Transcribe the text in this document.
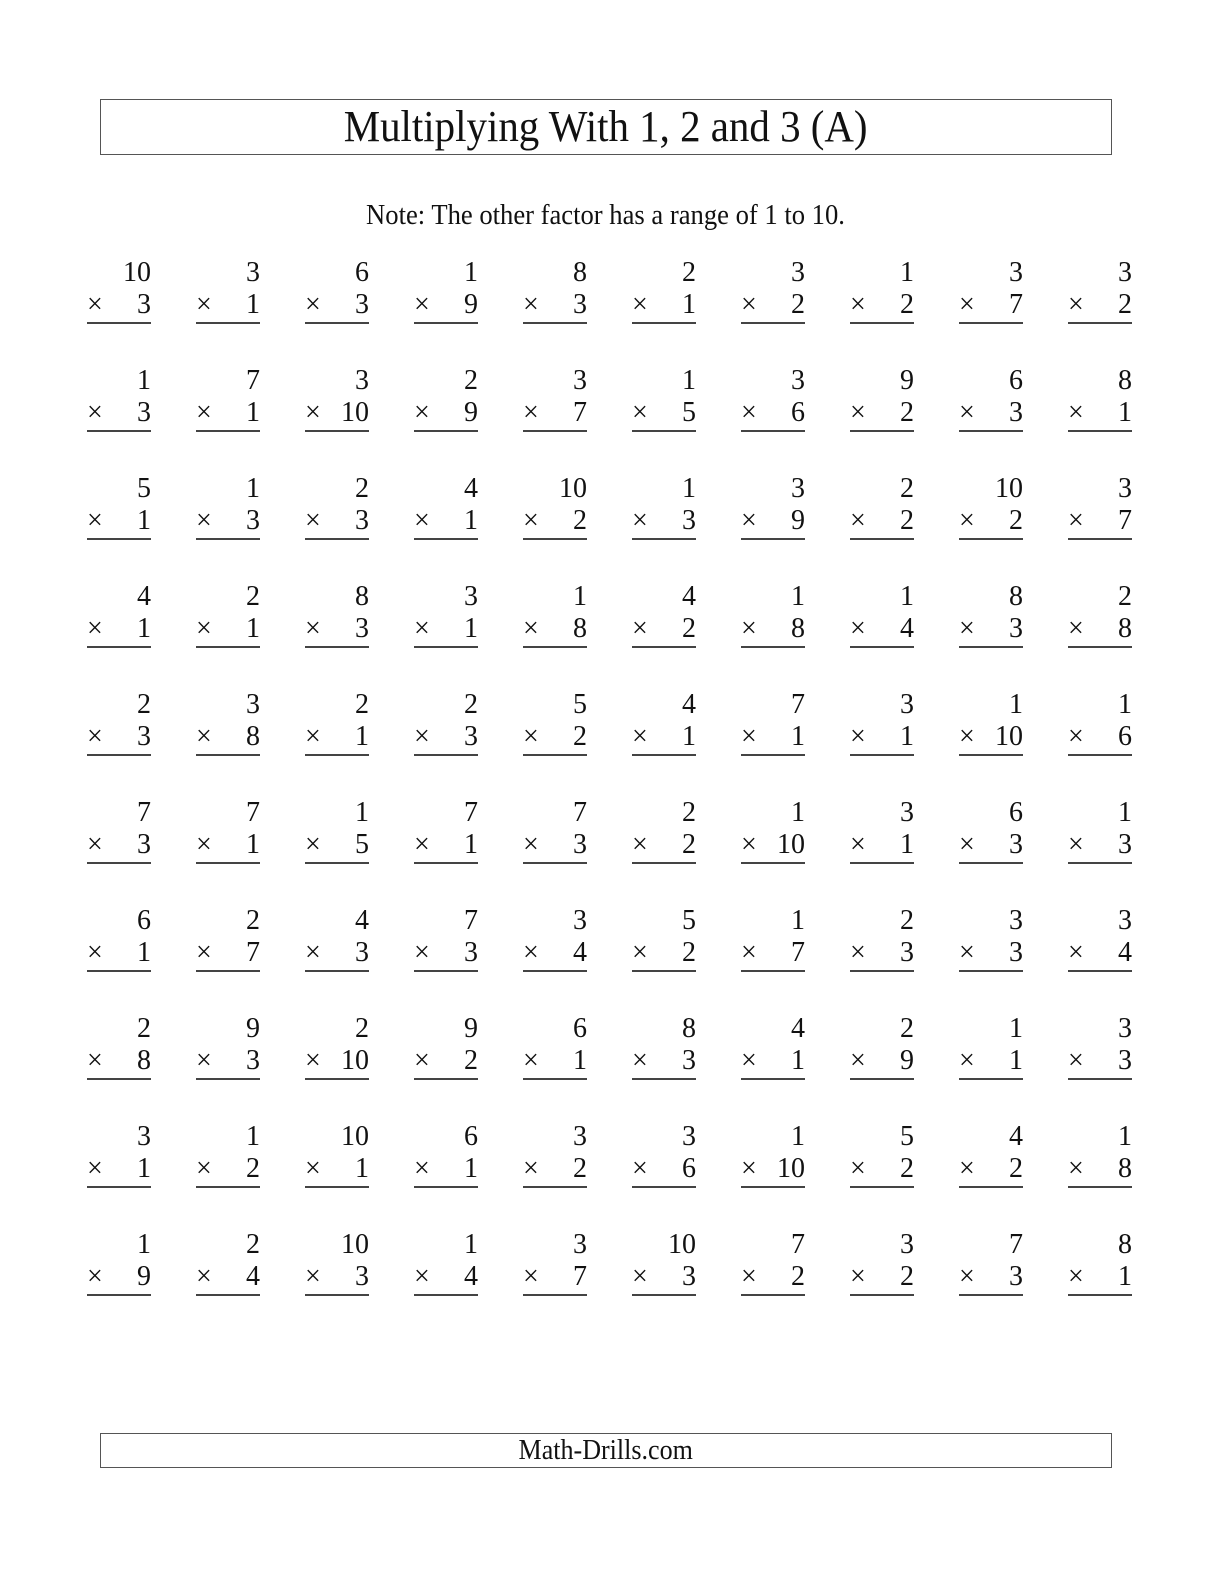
Multiplying With 1, 2 and 3 (A)
Note: The other factor has a range of 1 to 10.
10
× 3
3
× 1
6
× 3
1
× 9
8
× 3
2
× 1
3
× 2
1
× 2
3
× 7
3
× 2
1
× 3
7
× 1
3
× 10
2
× 9
3
× 7
1
× 5
3
× 6
9
× 2
6
× 3
8
× 1
5
× 1
1
× 3
2
× 3
4
× 1
10
× 2
1
× 3
3
× 9
2
× 2
10
× 2
3
× 7
4
× 1
2
× 1
8
× 3
3
× 1
1
× 8
4
× 2
1
× 8
1
× 4
8
× 3
2
× 8
2
× 3
3
× 8
2
× 1
2
× 3
5
× 2
4
× 1
7
× 1
3
× 1
1
× 10
1
× 6
7
× 3
7
× 1
1
× 5
7
× 1
7
× 3
2
× 2
1
× 10
3
× 1
6
× 3
1
× 3
6
× 1
2
× 7
4
× 3
7
× 3
3
× 4
5
× 2
1
× 7
2
× 3
3
× 3
3
× 4
2
× 8
9
× 3
2
× 10
9
× 2
6
× 1
8
× 3
4
× 1
2
× 9
1
× 1
3
× 3
3
× 1
1
× 2
10
× 1
6
× 1
3
× 2
3
× 6
1
× 10
5
× 2
4
× 2
1
× 8
1
× 9
2
× 4
10
× 3
1
× 4
3
× 7
10
× 3
7
× 2
3
× 2
7
× 3
8
× 1
Math-Drills.com
